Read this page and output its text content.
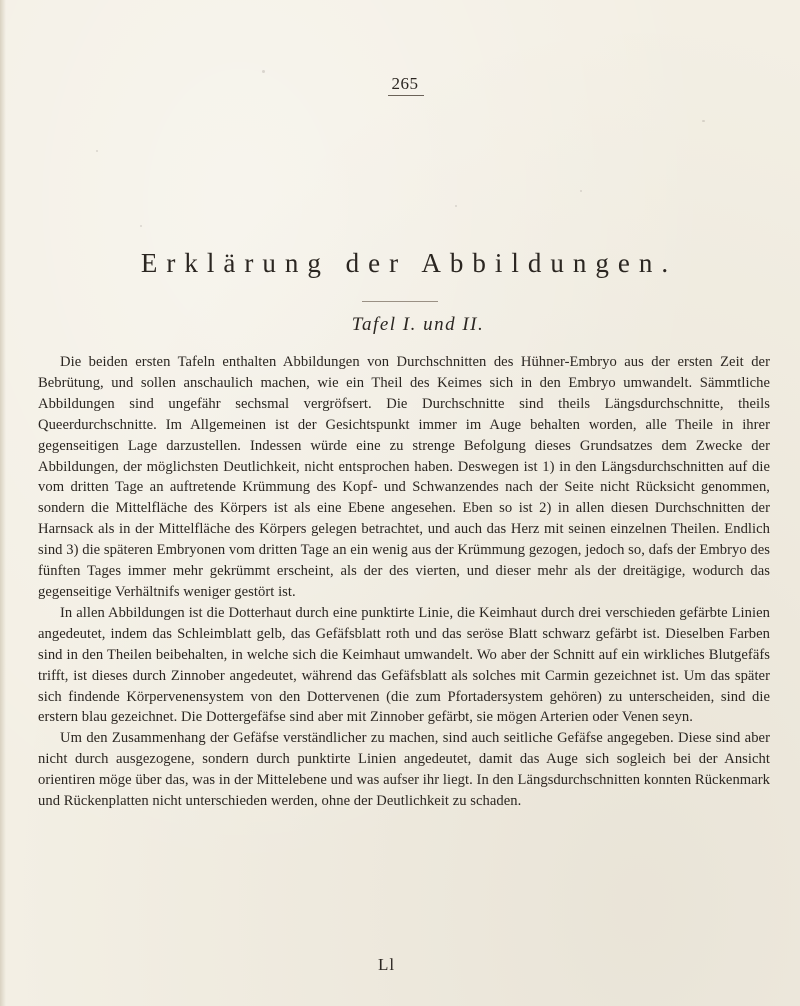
265
Erklärung der Abbildungen.
Tafel I. und II.

Die beiden ersten Tafeln enthalten Abbildungen von Durchschnitten des Hühner-Embryo aus der ersten Zeit der Bebrütung, und sollen anschaulich machen, wie ein Theil des Keimes sich in den Embryo umwandelt. Sämmtliche Abbildungen sind ungefähr sechsmal vergröfsert. Die Durchschnitte sind theils Längsdurchschnitte, theils Queerdurchschnitte. Im Allgemeinen ist der Gesichtspunkt immer im Auge behalten worden, alle Theile in ihrer gegenseitigen Lage darzustellen. Indessen würde eine zu strenge Befolgung dieses Grundsatzes dem Zwecke der Abbildungen, der möglichsten Deutlichkeit, nicht entsprochen haben. Deswegen ist 1) in den Längsdurchschnitten auf die vom dritten Tage an auftretende Krümmung des Kopf- und Schwanzendes nach der Seite nicht Rücksicht genommen, sondern die Mittelfläche des Körpers ist als eine Ebene angesehen. Eben so ist 2) in allen diesen Durchschnitten der Harnsack als in der Mittelfläche des Körpers gelegen betrachtet, und auch das Herz mit seinen einzelnen Theilen. Endlich sind 3) die späteren Embryonen vom dritten Tage an ein wenig aus der Krümmung gezogen, jedoch so, dafs der Embryo des fünften Tages immer mehr gekrümmt erscheint, als der des vierten, und dieser mehr als der dreitägige, wodurch das gegenseitige Verhältnifs weniger gestört ist.

In allen Abbildungen ist die Dotterhaut durch eine punktirte Linie, die Keimhaut durch drei verschieden gefärbte Linien angedeutet, indem das Schleimblatt gelb, das Gefäfsblatt roth und das seröse Blatt schwarz gefärbt ist. Dieselben Farben sind in den Theilen beibehalten, in welche sich die Keimhaut umwandelt. Wo aber der Schnitt auf ein wirkliches Blutgefäfs trifft, ist dieses durch Zinnober angedeutet, während das Gefäfsblatt als solches mit Carmin gezeichnet ist. Um das später sich findende Körpervenensystem von den Dottervenen (die zum Pfortadersystem gehören) zu unterscheiden, sind die erstern blau gezeichnet. Die Dottergefäfse sind aber mit Zinnober gefärbt, sie mögen Arterien oder Venen seyn.

Um den Zusammenhang der Gefäfse verständlicher zu machen, sind auch seitliche Gefäfse angegeben. Diese sind aber nicht durch ausgezogene, sondern durch punktirte Linien angedeutet, damit das Auge sich sogleich bei der Ansicht orientiren möge über das, was in der Mittelebene und was aufser ihr liegt. In den Längsdurchschnitten konnten Rückenmark und Rückenplatten nicht unterschieden werden, ohne der Deutlichkeit zu schaden.

Ll
